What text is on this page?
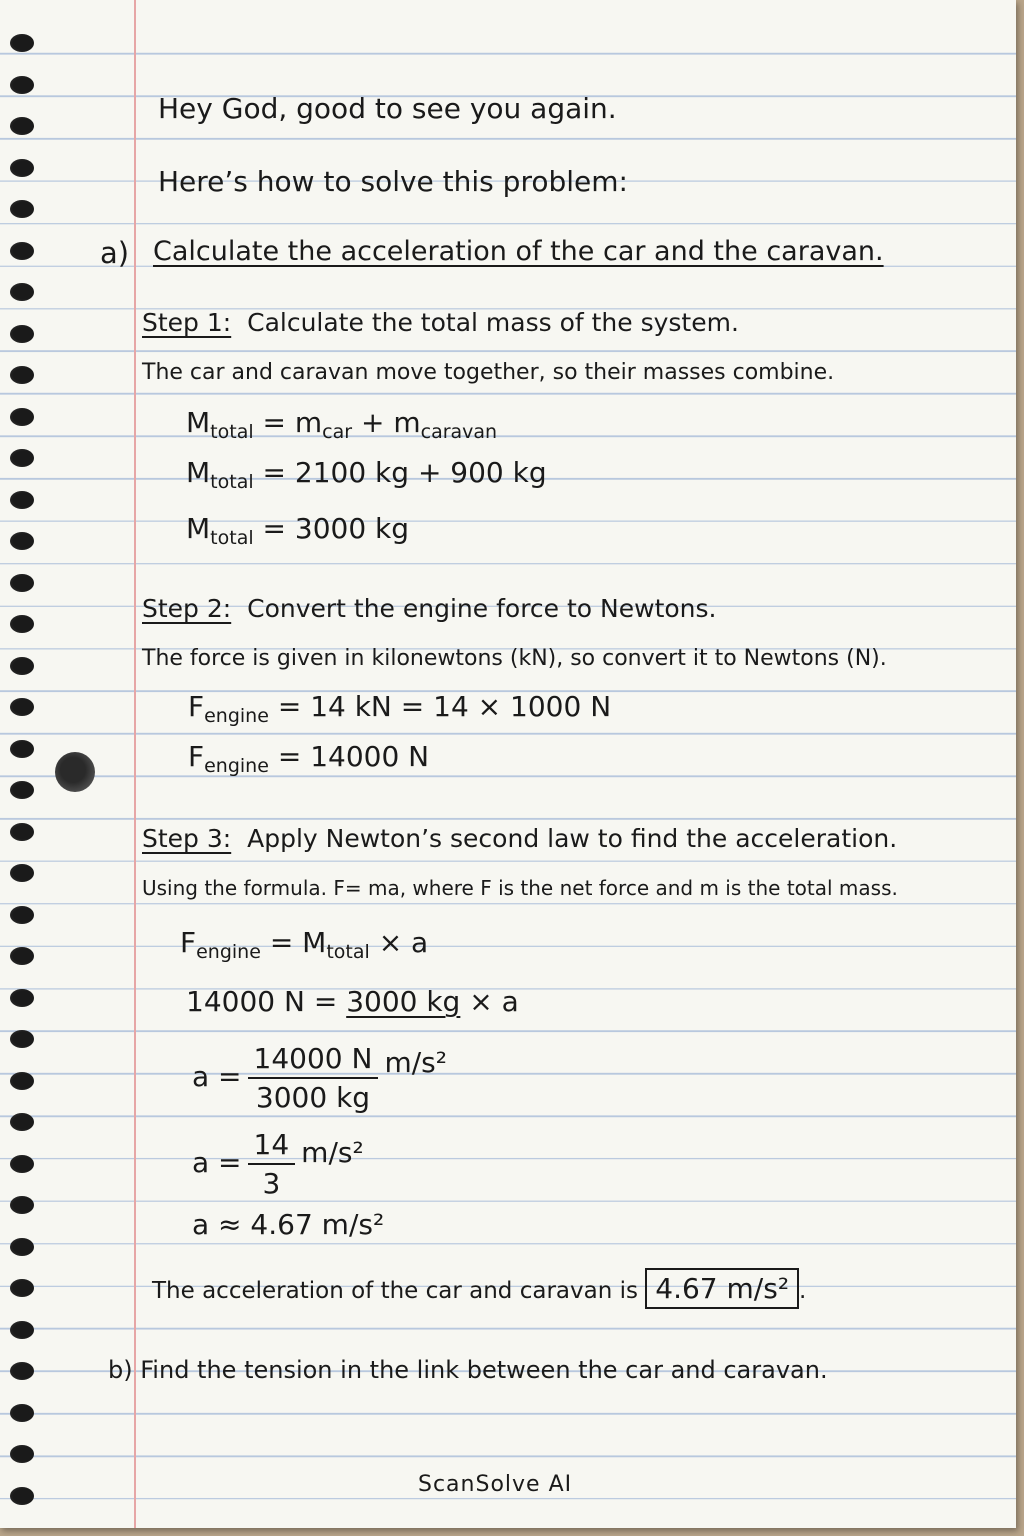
Hey God, good to see you again.
Here’s how to solve this problem:
a) Calculate the acceleration of the car and the caravan.
Step 1: Calculate the total mass of the system.
The car and caravan move together, so their masses combine.
$M_{total} = m_{car} + m_{caravan}$
$M_{total} = 2100$ kg + 900 kg
$M_{total} = 3000$ kg
Step 2: Convert the engine force to Newtons.
The force is given in kilonewtons (kN), so convert it to Newtons (N).
$F_{engine} = 14$ kN = 14 × 1000 N
$F_{engine} = 14000$ N
Step 3: Apply Newton’s second law to find the acceleration.
Using the formula. F= ma, where F is the net force and m is the total mass.
$F_{engine} = M_{total} \times a$
14000 N = 3000 kg × a
$a = \frac{14000 N}{3000 kg} m/s^2$
$a = \frac{14}{3} m/s^2$
a ≈ 4.67 m/s²
The acceleration of the car and caravan is 4.67 m/s² .
b) Find the tension in the link between the car and caravan.
ScanSolve AI
